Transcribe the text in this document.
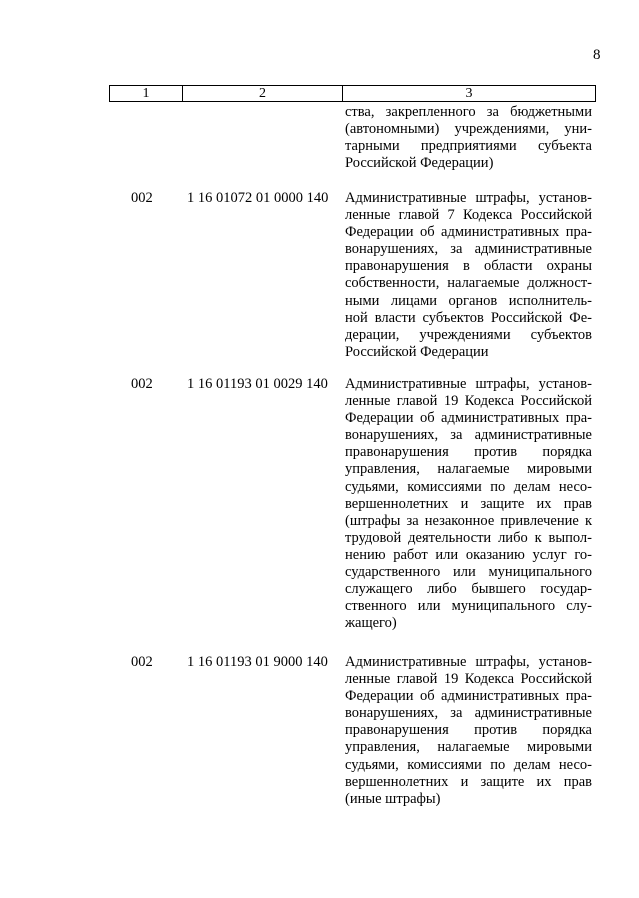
8
1	2	3
ства, закрепленного за бюджетными
(автономными) учреждениями, уни-
тарными предприятиями субъекта
Российской Федерации)
002 1 16 01072 01 0000 140 Административные штрафы, установ-
ленные главой 7 Кодекса Российской
Федерации об административных пра-
вонарушениях, за административные
правонарушения в области охраны
собственности, налагаемые должност-
ными лицами органов исполнитель-
ной власти субъектов Российской Фе-
дерации, учреждениями субъектов
Российской Федерации
002 1 16 01193 01 0029 140 Административные штрафы, установ-
ленные главой 19 Кодекса Российской
Федерации об административных пра-
вонарушениях, за административные
правонарушения против порядка
управления, налагаемые мировыми
судьями, комиссиями по делам несо-
вершеннолетних и защите их прав
(штрафы за незаконное привлечение к
трудовой деятельности либо к выпол-
нению работ или оказанию услуг го-
сударственного или муниципального
служащего либо бывшего государ-
ственного или муниципального слу-
жащего)
002 1 16 01193 01 9000 140 Административные штрафы, установ-
ленные главой 19 Кодекса Российской
Федерации об административных пра-
вонарушениях, за административные
правонарушения против порядка
управления, налагаемые мировыми
судьями, комиссиями по делам несо-
вершеннолетних и защите их прав
(иные штрафы)
